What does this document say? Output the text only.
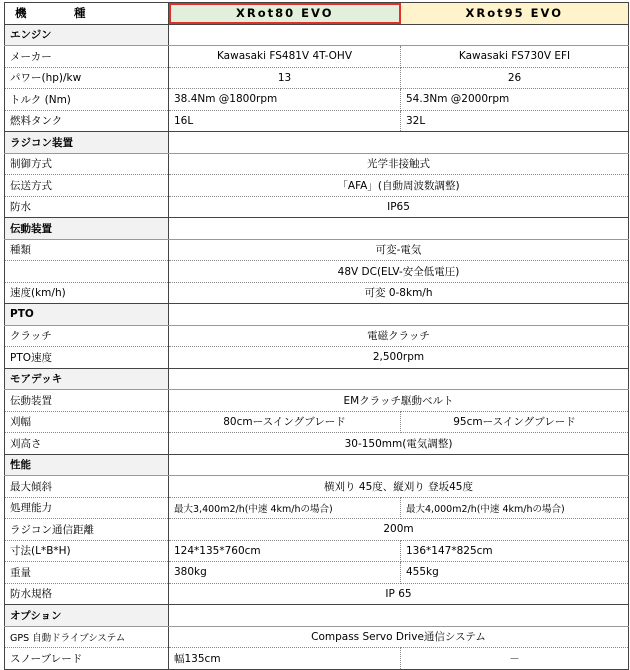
機　種	XRot80 EVO	XRot95 EVO
エンジン		
メーカー	Kawasaki FS481V 4T-OHV	Kawasaki FS730V EFI
パワー(hp)/kw	13	26
トルク (Nm)	38.4Nm @1800rpm	54.3Nm @2000rpm
燃料タンク	16L	32L
ラジコン装置		
制御方式	光学非接触式	
伝送方式	「AFA」(自動周波数調整)	
防水	IP65	
伝動装置		
種類	可変-電気	
	48V DC(ELV-安全低電圧)	
速度(km/h)	可変 0-8km/h	
PTO		
クラッチ	電磁クラッチ	
PTO速度	2,500rpm	
モアデッキ		
伝動装置	EMクラッチ駆動ベルト	
刈幅	80cmースイングブレード	95cmースイングブレード
刈高さ	30-150mm(電気調整)	
性能		
最大傾斜	横刈り 45度、縦刈り 登坂45度	
処理能力	最大3,400m2/h(中速 4km/hの場合)	最大4,000m2/h(中速 4km/hの場合)
ラジコン通信距離	200m	
寸法(L*B*H)	124*135*760cm	136*147*825cm
重量	380kg	455kg
防水規格	IP 65	
オプション		
GPS 自動ドライブシステム	Compass Servo Drive通信システム	
スノーブレード	幅135cm	－
